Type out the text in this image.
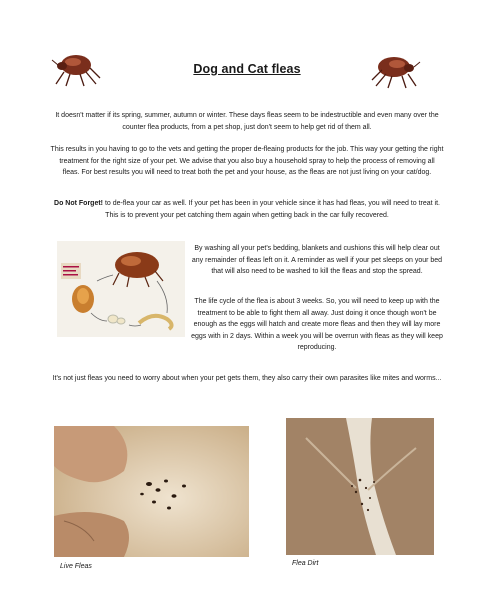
Dog and Cat fleas
It doesn't matter if its spring, summer, autumn or winter. These days fleas seem to be indestructible and even many over the counter flea products, from a pet shop, just don't seem to help get rid of them all.
This results in you having to go to the vets and getting the proper de-fleaing products for the job. This way your getting the right treatment for the right size of your pet. We advise that you also buy a household spray to help the process of removing all fleas. For best results you will need to treat both the pet and your house, as the fleas are not just living on your cat/dog.
Do Not Forget! to de-flea your car as well. If your pet has been in your vehicle since it has had fleas, you will need to treat it. This is to prevent your pet catching them again when getting back in the car fully recovered.
By washing all your pet's bedding, blankets and cushions this will help clear out any remainder of fleas left on it. A reminder as well if your pet sleeps on your bed that will also need to be washed to kill the fleas and stop the spread.
The life cycle of the flea is about 3 weeks. So, you will need to keep up with the treatment to be able to fight them all away. Just doing it once though won't be enough as the eggs will hatch and create more fleas and then they will lay more eggs with in 2 days. Within a week you will be overrun with fleas as they will keep reproducing.
It's not just fleas you need to worry about when your pet gets them, they also carry their own parasites like mites and worms...
Live Fleas	Flea Dirt
